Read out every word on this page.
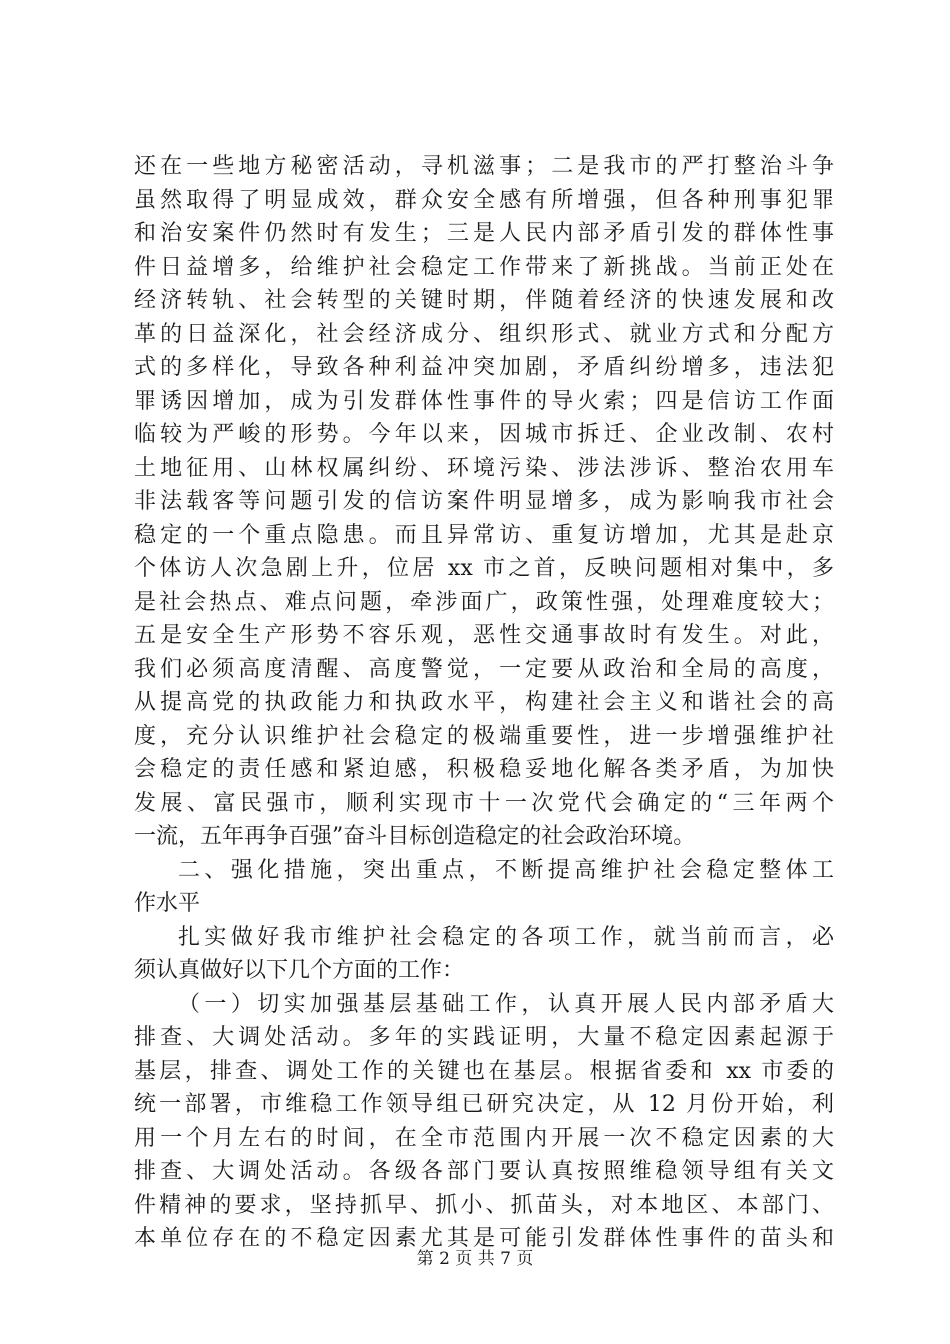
还在一些地方秘密活动，寻机滋事；二是我市的严打整治斗争
虽然取得了明显成效，群众安全感有所增强，但各种刑事犯罪
和治安案件仍然时有发生；三是人民内部矛盾引发的群体性事
件日益增多，给维护社会稳定工作带来了新挑战。当前正处在
经济转轨、社会转型的关键时期，伴随着经济的快速发展和改
革的日益深化，社会经济成分、组织形式、就业方式和分配方
式的多样化，导致各种利益冲突加剧，矛盾纠纷增多，违法犯
罪诱因增加，成为引发群体性事件的导火索；四是信访工作面
临较为严峻的形势。今年以来，因城市拆迁、企业改制、农村
土地征用、山林权属纠纷、环境污染、涉法涉诉、整治农用车
非法载客等问题引发的信访案件明显增多，成为影响我市社会
稳定的一个重点隐患。而且异常访、重复访增加，尤其是赴京
个体访人次急剧上升，位居 xx 市之首，反映问题相对集中，多
是社会热点、难点问题，牵涉面广，政策性强，处理难度较大；
五是安全生产形势不容乐观，恶性交通事故时有发生。对此，
我们必须高度清醒、高度警觉，一定要从政治和全局的高度，
从提高党的执政能力和执政水平，构建社会主义和谐社会的高
度，充分认识维护社会稳定的极端重要性，进一步增强维护社
会稳定的责任感和紧迫感，积极稳妥地化解各类矛盾，为加快
发展、富民强市，顺利实现市十一次党代会确定的“三年两个
一流，五年再争百强”奋斗目标创造稳定的社会政治环境。
二、强化措施，突出重点，不断提高维护社会稳定整体工
作水平
扎实做好我市维护社会稳定的各项工作，就当前而言，必
须认真做好以下几个方面的工作：
（一）切实加强基层基础工作，认真开展人民内部矛盾大
排查、大调处活动。多年的实践证明，大量不稳定因素起源于
基层，排查、调处工作的关键也在基层。根据省委和 xx 市委的
统一部署，市维稳工作领导组已研究决定，从 12 月份开始，利
用一个月左右的时间，在全市范围内开展一次不稳定因素的大
排查、大调处活动。各级各部门要认真按照维稳领导组有关文
件精神的要求，坚持抓早、抓小、抓苗头，对本地区、本部门、
本单位存在的不稳定因素尤其是可能引发群体性事件的苗头和
第 2 页 共 7 页
